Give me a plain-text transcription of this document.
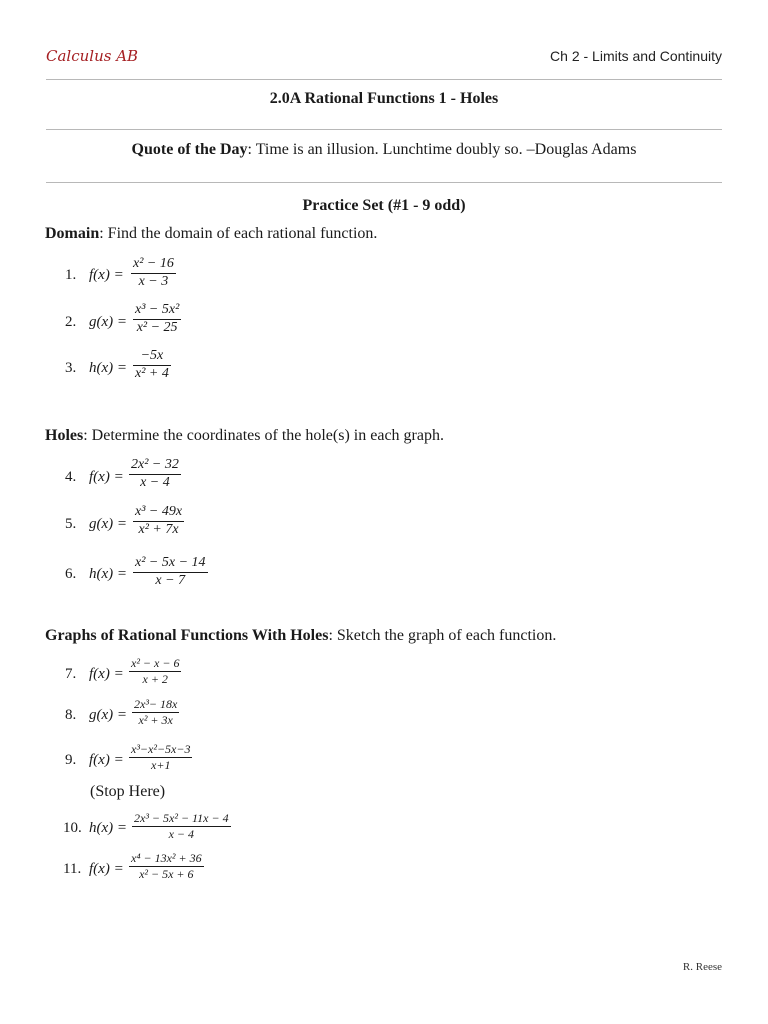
Calculus AB	Ch 2 - Limits and Continuity
2.0A Rational Functions 1 - Holes
Quote of the Day: Time is an illusion. Lunchtime doubly so. –Douglas Adams
Practice Set (#1 - 9 odd)
Domain: Find the domain of each rational function.
1. $f(x) = \frac{\text{x² − 16}}{x - 3}$
2. $g(x) = \frac{\text{x³ − 5x²}}{\text{x² − 25}}$
3. $h(x) = \frac{-5x}{\text{x² + 4}}$
Holes: Determine the coordinates of the hole(s) in each graph.
4. $f(x) = \frac{\text{2x² − 32}}{x - 4}$
5. $g(x) = \frac{\text{x³ − 49x}}{\text{x² + 7x}}$
6. $h(x) = \frac{\text{x² − 5x − 14}}{x - 7}$
Graphs of Rational Functions With Holes: Sketch the graph of each function.
7. $f(x) = \frac{\text{x² − x − 6}}{x + 2}$
8. $g(x) = \frac{\text{2x³− 18x}}{\text{x² + 3x}}$
9. $f(x) = \frac{\text{x³−x²−5x−3}}{x+1}$
(Stop Here)
10. $h(x) = \frac{\text{2x³ − 5x² − 11x − 4}}{x - 4}$
11. $f(x) = \frac{\text{x⁴ − 13x² + 36}}{\text{x² − 5x + 6}}$
R. Reese
